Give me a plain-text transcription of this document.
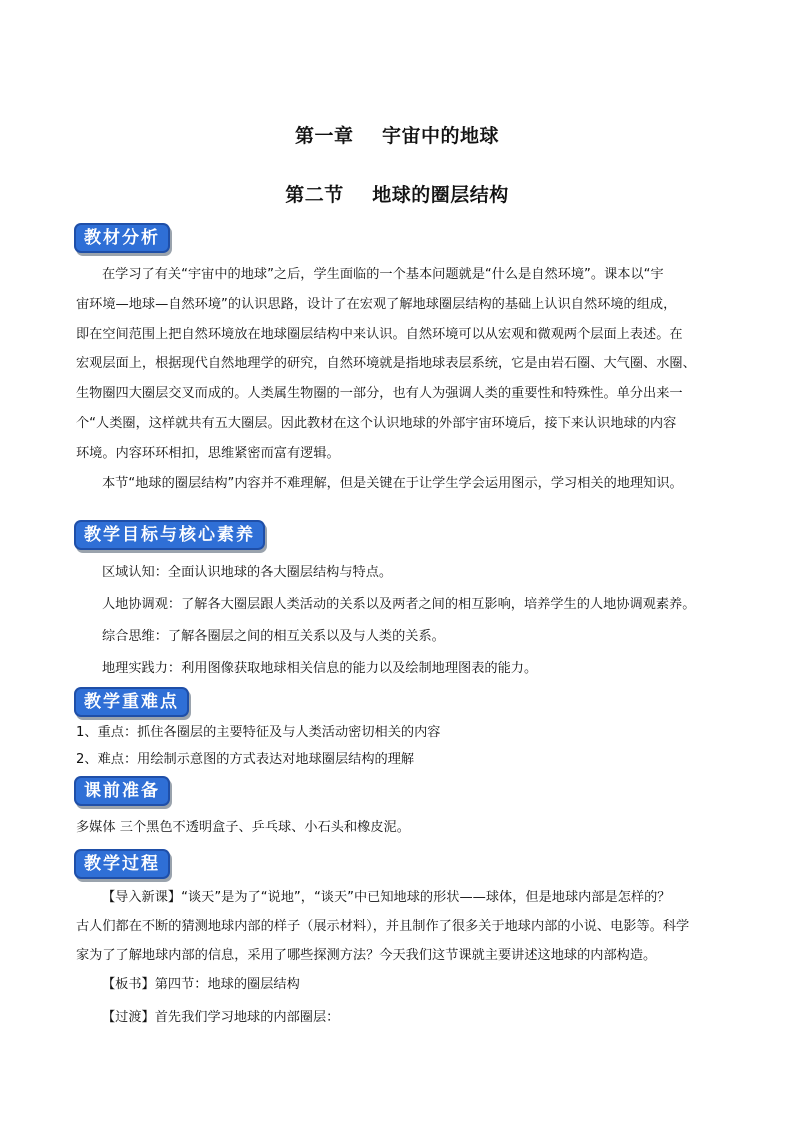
第一章    宇宙中的地球
第二节    地球的圈层结构
教材分析
在学习了有关“宇宙中的地球”之后，学生面临的一个基本问题就是“什么是自然环境”。课本以“宇
宙环境—地球—自然环境”的认识思路，设计了在宏观了解地球圈层结构的基础上认识自然环境的组成，
即在空间范围上把自然环境放在地球圈层结构中来认识。自然环境可以从宏观和微观两个层面上表述。在
宏观层面上，根据现代自然地理学的研究，自然环境就是指地球表层系统，它是由岩石圈、大气圈、水圈、
生物圈四大圈层交叉而成的。人类属生物圈的一部分，也有人为强调人类的重要性和特殊性。单分出来一
个“人类圈，这样就共有五大圈层。因此教材在这个认识地球的外部宇宙环境后，接下来认识地球的内容
环境。内容环环相扣，思维紧密而富有逻辑。
本节“地球的圈层结构”内容并不难理解，但是关键在于让学生学会运用图示，学习相关的地理知识。
教学目标与核心素养
区域认知：全面认识地球的各大圈层结构与特点。
人地协调观：了解各大圈层跟人类活动的关系以及两者之间的相互影响，培养学生的人地协调观素养。
综合思维：了解各圈层之间的相互关系以及与人类的关系。
地理实践力：利用图像获取地球相关信息的能力以及绘制地理图表的能力。
教学重难点
1、重点：抓住各圈层的主要特征及与人类活动密切相关的内容
2、难点：用绘制示意图的方式表达对地球圈层结构的理解
课前准备
多媒体 三个黑色不透明盒子、乒乓球、小石头和橡皮泥。
教学过程
【导入新课】“谈天”是为了“说地”，“谈天”中已知地球的形状——球体，但是地球内部是怎样的？
古人们都在不断的猜测地球内部的样子（展示材料），并且制作了很多关于地球内部的小说、电影等。科学
家为了了解地球内部的信息，采用了哪些探测方法？今天我们这节课就主要讲述这地球的内部构造。
【板书】第四节：地球的圈层结构
【过渡】首先我们学习地球的内部圈层：
